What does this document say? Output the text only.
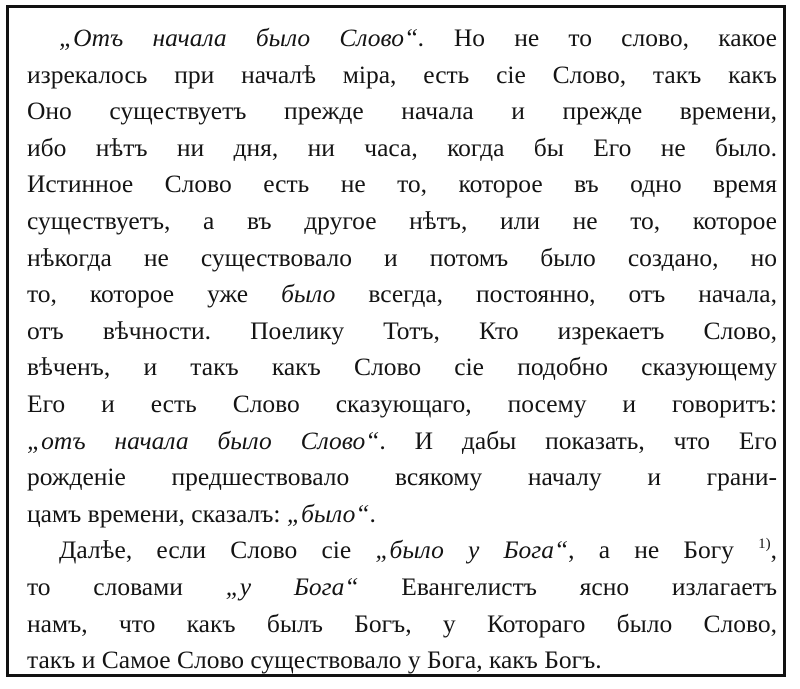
„Отъ начала было Слово“. Но не то слово, какое
изрекалось при началѣ міра, есть сіе Слово, такъ какъ
Оно существуетъ прежде начала и прежде времени,
ибо нѣтъ ни дня, ни часа, когда бы Его не было.
Истинное Слово есть не то, которое въ одно время
существуетъ, а въ другое нѣтъ, или не то, которое
нѣкогда не существовало и потомъ было создано, но
то, которое уже было всегда, постоянно, отъ начала,
отъ вѣчности. Поелику Тотъ, Кто изрекаетъ Слово,
вѣченъ, и такъ какъ Слово сіе подобно сказующему
Его и есть Слово сказующаго, посему и говоритъ:
„отъ начала было Слово“. И дабы показать, что Его
рожденіе предшествовало всякому началу и грани-
цамъ времени, сказалъ: „было“.
Далѣе, если Слово сіе „было у Бога“, а не Богу $^{1)}$,
то словами „у Бога“ Евангелистъ ясно излагаетъ
намъ, что какъ былъ Богъ, у Котораго было Слово,
такъ и Самое Слово существовало у Бога, какъ Богъ.
